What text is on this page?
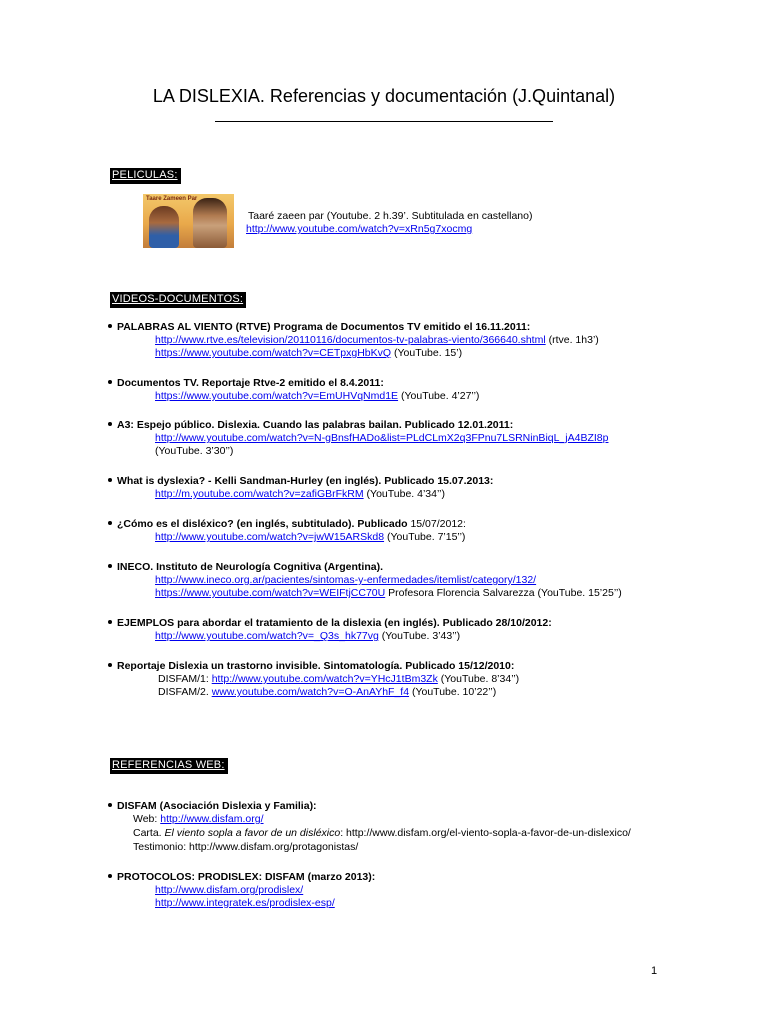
LA DISLEXIA. Referencias y documentación (J.Quintanal)
PELICULAS:
Taare Zameen Par
Taaré zaeen par (Youtube. 2 h.39’. Subtitulada en castellano)
http://www.youtube.com/watch?v=xRn5g7xocmg
VIDEOS-DOCUMENTOS:
PALABRAS AL VIENTO (RTVE) Programa de Documentos TV emitido el 16.11.2011:
http://www.rtve.es/television/20110116/documentos-tv-palabras-viento/366640.shtml (rtve. 1h3’)
https://www.youtube.com/watch?v=CETpxgHbKvQ (YouTube. 15’)
Documentos TV. Reportaje Rtve-2 emitido el 8.4.2011:
https://www.youtube.com/watch?v=EmUHVqNmd1E (YouTube. 4’27’’)
A3: Espejo público. Dislexia. Cuando las palabras bailan. Publicado 12.01.2011:
http://www.youtube.com/watch?v=N-gBnsfHADo&list=PLdCLmX2q3FPnu7LSRNinBiqL_jA4BZI8p
(YouTube. 3’30’’)
What is dyslexia? - Kelli Sandman-Hurley (en inglés). Publicado 15.07.2013:
http://m.youtube.com/watch?v=zafiGBrFkRM (YouTube. 4’34’’)
¿Cómo es el disléxico? (en inglés, subtitulado). Publicado 15/07/2012:
http://www.youtube.com/watch?v=jwW15ARSkd8 (YouTube. 7’15’’)
INECO. Instituto de Neurología Cognitiva (Argentina).
http://www.ineco.org.ar/pacientes/sintomas-y-enfermedades/itemlist/category/132/
https://www.youtube.com/watch?v=WEIFtjCC70U Profesora Florencia Salvarezza (YouTube. 15’25’’)
EJEMPLOS para abordar el tratamiento de la dislexia (en inglés). Publicado 28/10/2012:
http://www.youtube.com/watch?v=_Q3s_hk77vg (YouTube. 3’43’’)
Reportaje Dislexia un trastorno invisible. Sintomatología. Publicado 15/12/2010:
DISFAM/1: http://www.youtube.com/watch?v=YHcJ1tBm3Zk (YouTube. 8’34’’)
DISFAM/2. www.youtube.com/watch?v=O-AnAYhF_f4 (YouTube. 10’22’’)
REFERENCIAS WEB:
DISFAM (Asociación Dislexia y Familia):
Web: http://www.disfam.org/
Carta. El viento sopla a favor de un disléxico: http://www.disfam.org/el-viento-sopla-a-favor-de-un-dislexico/
Testimonio: http://www.disfam.org/protagonistas/
PROTOCOLOS: PRODISLEX: DISFAM (marzo 2013):
http://www.disfam.org/prodislex/
http://www.integratek.es/prodislex-esp/
1
